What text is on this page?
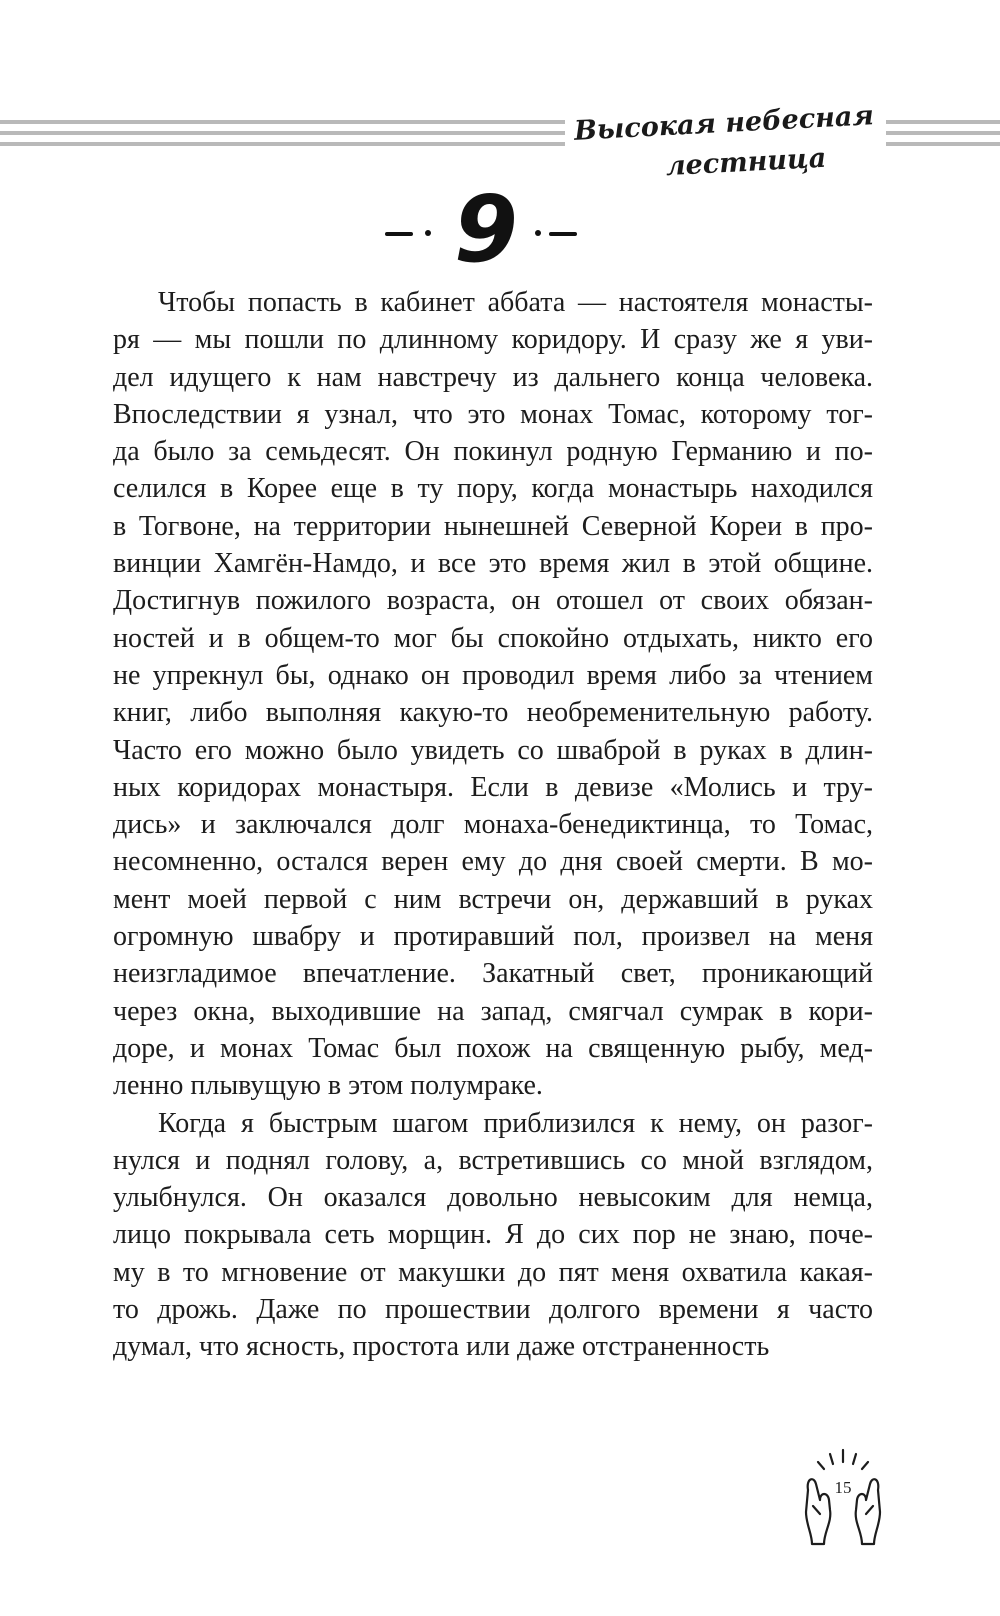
Высокая небесная
лестница
9
Чтобы попасть в кабинет аббата — настоятеля монасты-
ря — мы пошли по длинному коридору. И сразу же я уви-
дел идущего к нам навстречу из дальнего конца человека.
Впоследствии я узнал, что это монах Томас, которому тог-
да было за семьдесят. Он покинул родную Германию и по-
селился в Корее еще в ту пору, когда монастырь находился
в Тогвоне, на территории нынешней Северной Кореи в про-
винции Хамгён-Намдо, и все это время жил в этой общине.
Достигнув пожилого возраста, он отошел от своих обязан-
ностей и в общем-то мог бы спокойно отдыхать, никто его
не упрекнул бы, однако он проводил время либо за чтением
книг, либо выполняя какую-то необременительную работу.
Часто его можно было увидеть со шваброй в руках в длин-
ных коридорах монастыря. Если в девизе «Молись и тру-
дись» и заключался долг монаха-бенедиктинца, то Томас,
несомненно, остался верен ему до дня своей смерти. В мо-
мент моей первой с ним встречи он, державший в руках
огромную швабру и протиравший пол, произвел на меня
неизгладимое впечатление. Закатный свет, проникающий
через окна, выходившие на запад, смягчал сумрак в кори-
доре, и монах Томас был похож на священную рыбу, мед-
ленно плывущую в этом полумраке.
Когда я быстрым шагом приблизился к нему, он разог-
нулся и поднял голову, а, встретившись со мной взглядом,
улыбнулся. Он оказался довольно невысоким для немца,
лицо покрывала сеть морщин. Я до сих пор не знаю, поче-
му в то мгновение от макушки до пят меня охватила какая-
то дрожь. Даже по прошествии долгого времени я часто
думал, что ясность, простота или даже отстраненность
15
